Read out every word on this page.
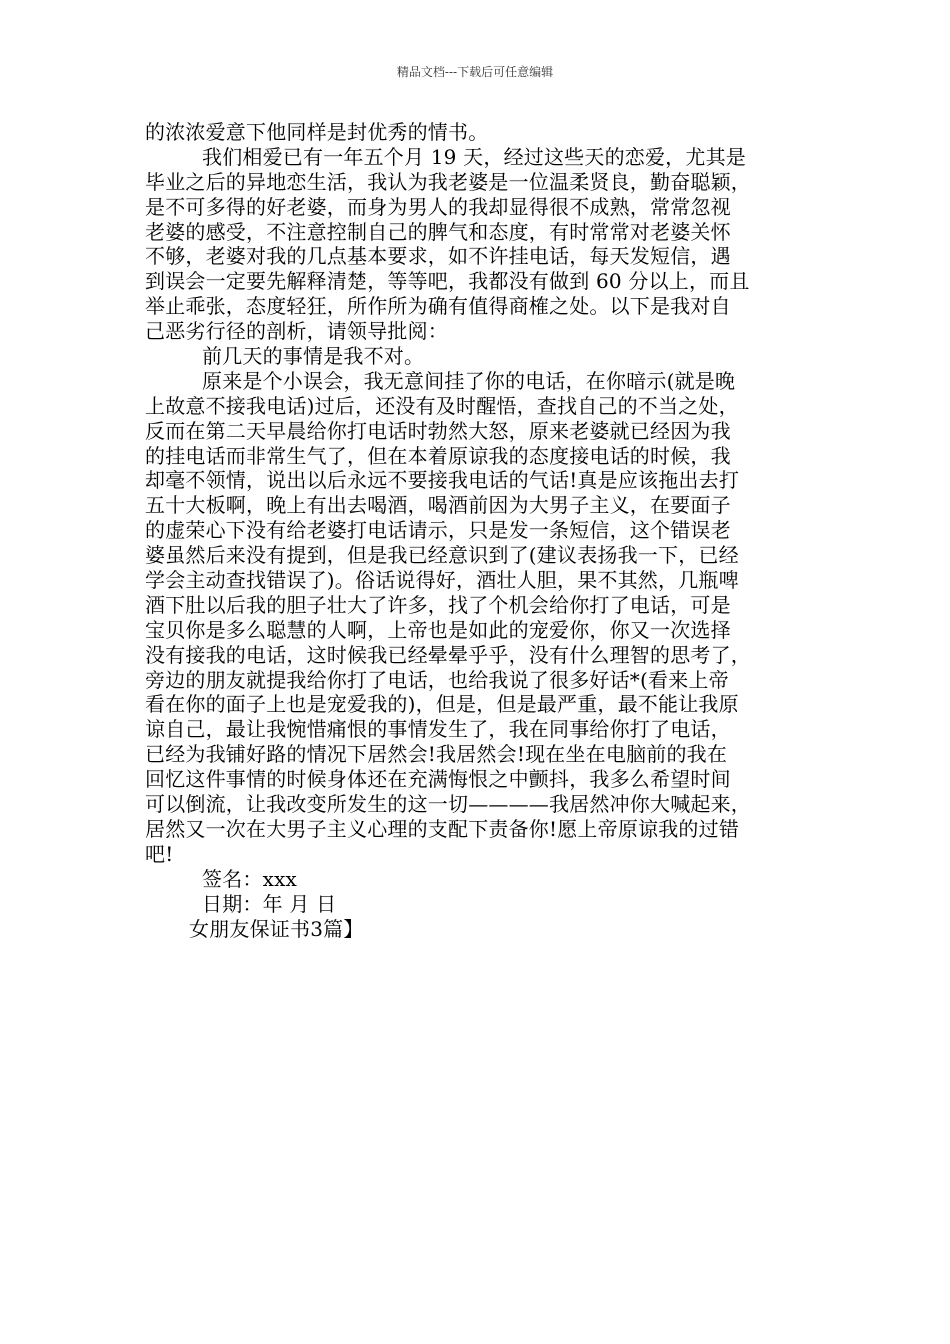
精品文档---下载后可任意编辑
的浓浓爱意下他同样是封优秀的情书。
我们相爱已有一年五个月 19 天，经过这些天的恋爱，尤其是
毕业之后的异地恋生活，我认为我老婆是一位温柔贤良，勤奋聪颖，
是不可多得的好老婆，而身为男人的我却显得很不成熟，常常忽视
老婆的感受，不注意控制自己的脾气和态度，有时常常对老婆关怀
不够，老婆对我的几点基本要求，如不许挂电话，每天发短信，遇
到误会一定要先解释清楚，等等吧，我都没有做到 60 分以上，而且
举止乖张，态度轻狂，所作所为确有值得商榷之处。以下是我对自
己恶劣行径的剖析，请领导批阅：
前几天的事情是我不对。
原来是个小误会，我无意间挂了你的电话，在你暗示(就是晚
上故意不接我电话)过后，还没有及时醒悟，查找自己的不当之处，
反而在第二天早晨给你打电话时勃然大怒，原来老婆就已经因为我
的挂电话而非常生气了，但在本着原谅我的态度接电话的时候，我
却毫不领情，说出以后永远不要接我电话的气话!真是应该拖出去打
五十大板啊，晚上有出去喝酒，喝酒前因为大男子主义，在要面子
的虚荣心下没有给老婆打电话请示，只是发一条短信，这个错误老
婆虽然后来没有提到，但是我已经意识到了(建议表扬我一下，已经
学会主动查找错误了)。俗话说得好，酒壮人胆，果不其然，几瓶啤
酒下肚以后我的胆子壮大了许多，找了个机会给你打了电话，可是
宝贝你是多么聪慧的人啊，上帝也是如此的宠爱你，你又一次选择
没有接我的电话，这时候我已经晕晕乎乎，没有什么理智的思考了，
旁边的朋友就提我给你打了电话，也给我说了很多好话*(看来上帝
看在你的面子上也是宠爱我的)，但是，但是最严重，最不能让我原
谅自己，最让我惋惜痛恨的事情发生了，我在同事给你打了电话，
已经为我铺好路的情况下居然会!我居然会!现在坐在电脑前的我在
回忆这件事情的时候身体还在充满悔恨之中颤抖，我多么希望时间
可以倒流，让我改变所发生的这一切————我居然冲你大喊起来，
居然又一次在大男子主义心理的支配下责备你!愿上帝原谅我的过错
吧!
签名：xxx
日期：年 月 日
女朋友保证书3篇】
